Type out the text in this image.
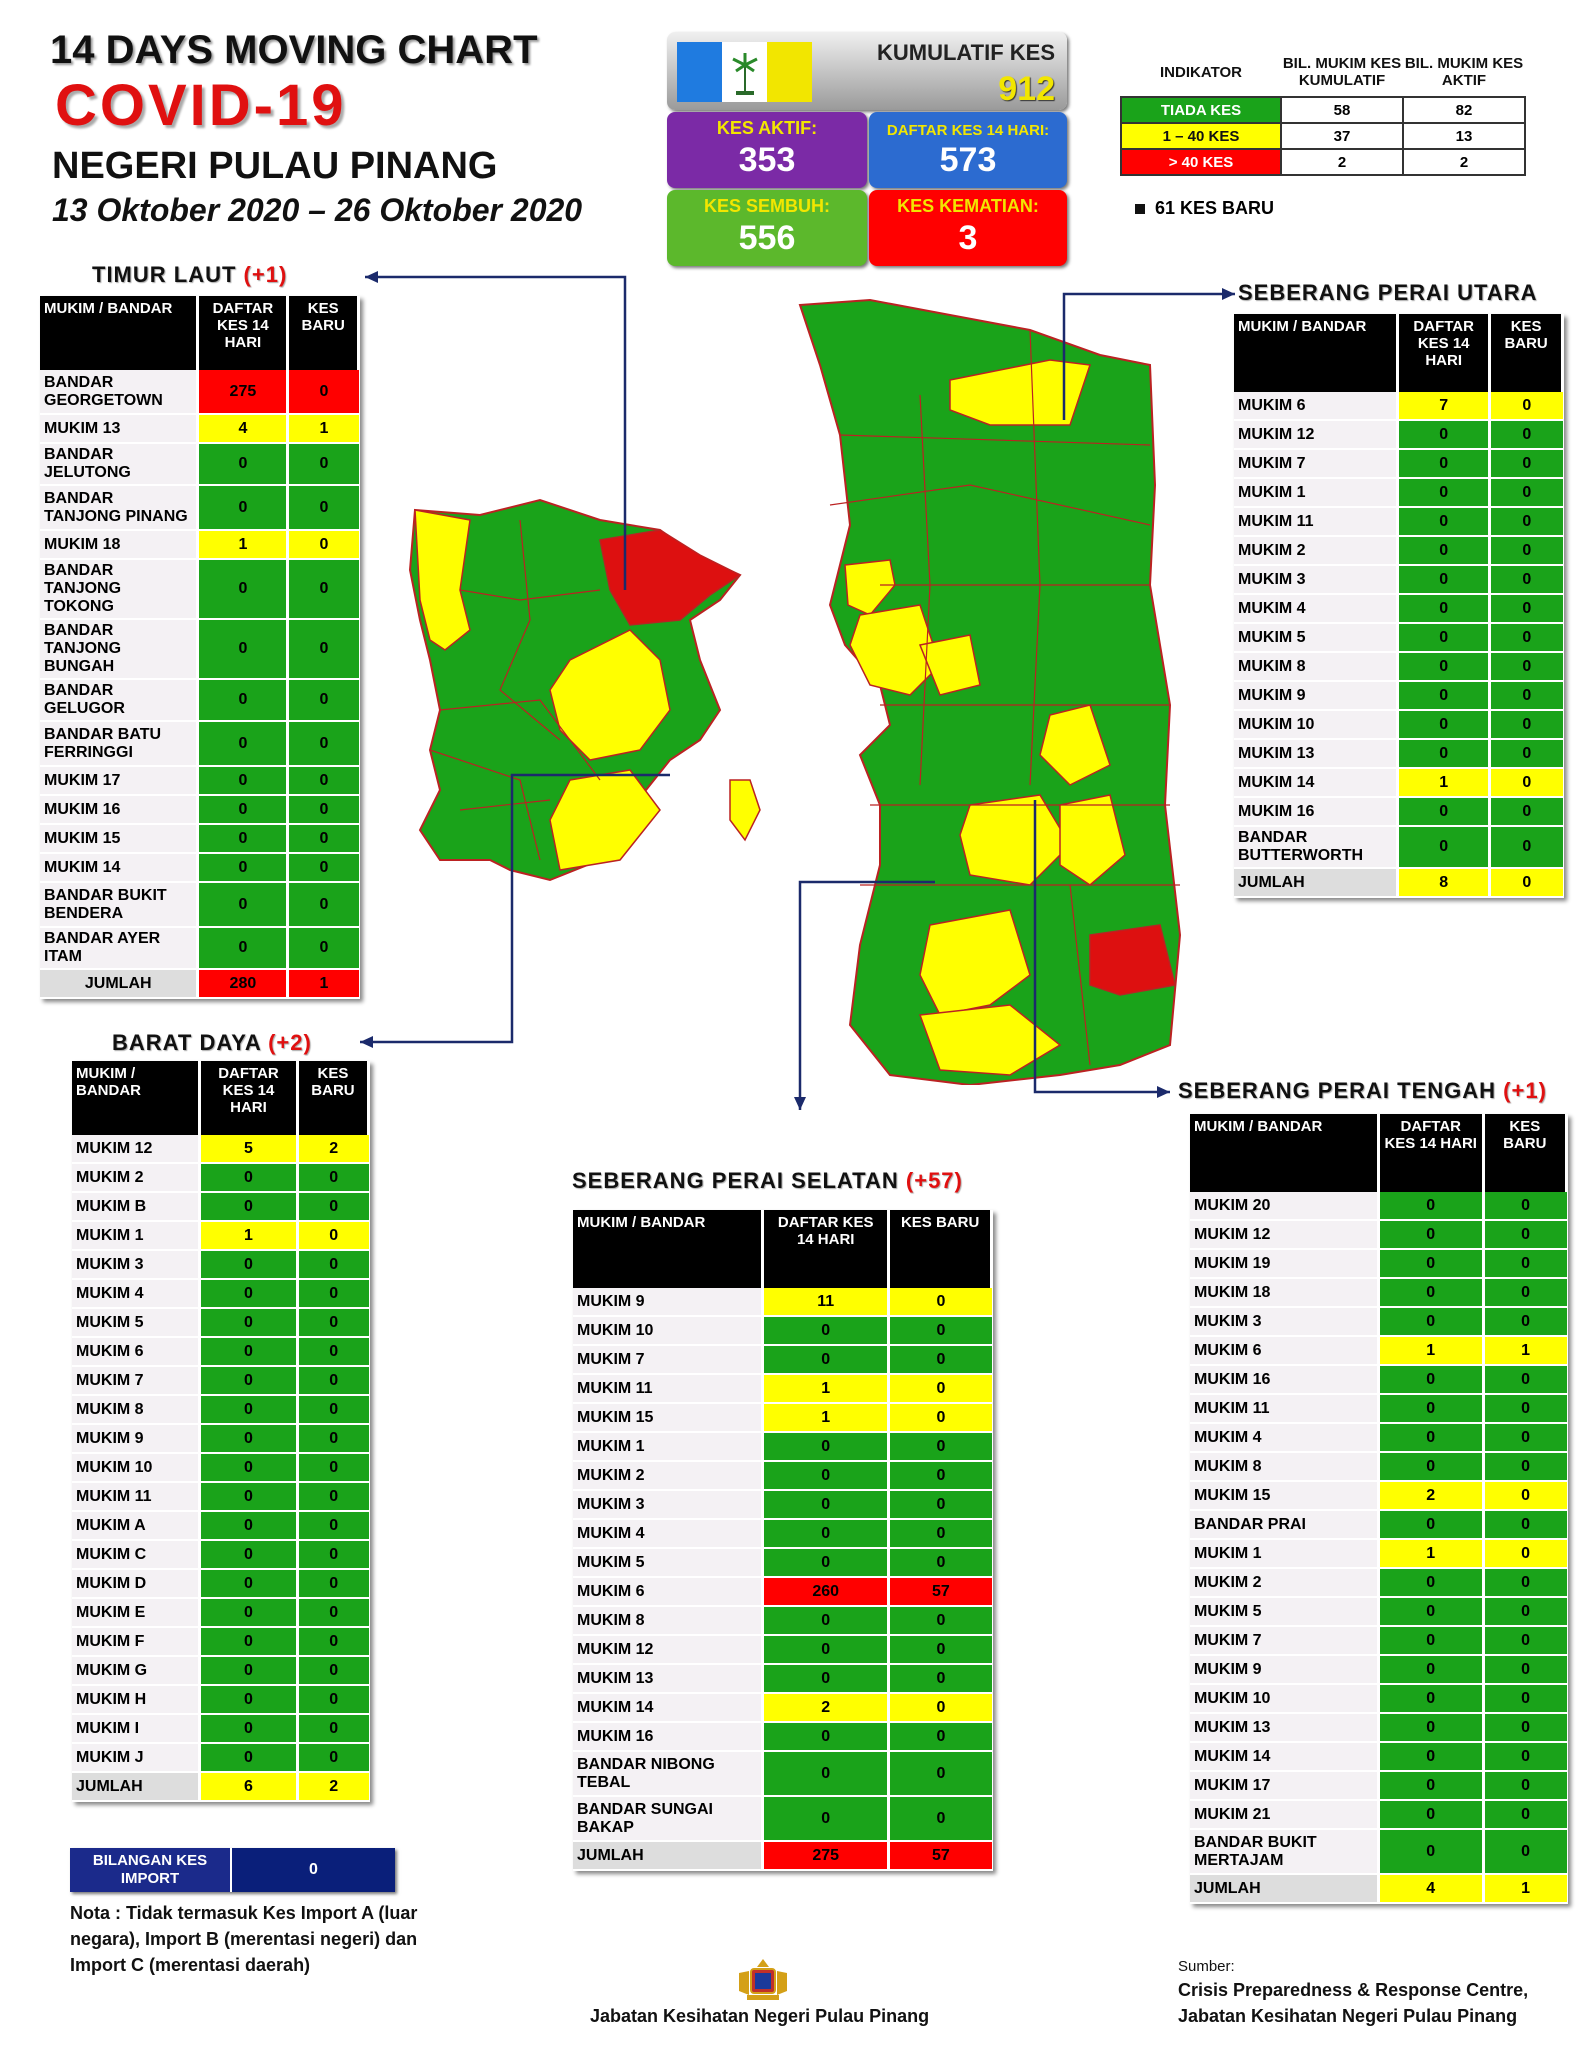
14 DAYS MOVING CHART
COVID-19
NEGERI PULAU PINANG
13 Oktober 2020 – 26 Oktober 2020
KUMULATIF KES
912
KES AKTIF:
353
DAFTAR KES 14 HARI:
573
KES SEMBUH:
556
KES KEMATIAN:
3
INDIKATOR	BIL. MUKIM KES KUMULATIF	BIL. MUKIM KES AKTIF
TIADA KES	58	82
1 – 40 KES	37	13
> 40 KES	2	2
61 KES BARU
TIMUR LAUT (+1)
BARAT DAYA (+2)
SEBERANG PERAI UTARA
SEBERANG PERAI TENGAH (+1)
SEBERANG PERAI SELATAN (+57)
MUKIM / BANDAR	DAFTAR KES 14 HARI	KES BARU
BANDAR GEORGETOWN	275	0
MUKIM 13	4	1
BANDAR JELUTONG	0	0
BANDAR TANJONG PINANG	0	0
MUKIM 18	1	0
BANDAR TANJONG TOKONG	0	0
BANDAR TANJONG BUNGAH	0	0
BANDAR GELUGOR	0	0
BANDAR BATU FERRINGGI	0	0
MUKIM 17	0	0
MUKIM 16	0	0
MUKIM 15	0	0
MUKIM 14	0	0
BANDAR BUKIT BENDERA	0	0
BANDAR AYER ITAM	0	0
JUMLAH	280	1
MUKIM / BANDAR	DAFTAR KES 14 HARI	KES BARU
MUKIM 12	5	2
MUKIM 2	0	0
MUKIM B	0	0
MUKIM 1	1	0
MUKIM 3	0	0
MUKIM 4	0	0
MUKIM 5	0	0
MUKIM 6	0	0
MUKIM 7	0	0
MUKIM 8	0	0
MUKIM 9	0	0
MUKIM 10	0	0
MUKIM 11	0	0
MUKIM A	0	0
MUKIM C	0	0
MUKIM D	0	0
MUKIM E	0	0
MUKIM F	0	0
MUKIM G	0	0
MUKIM H	0	0
MUKIM I	0	0
MUKIM J	0	0
JUMLAH	6	2
MUKIM / BANDAR	DAFTAR KES 14 HARI	KES BARU
MUKIM 6	7	0
MUKIM 12	0	0
MUKIM 7	0	0
MUKIM 1	0	0
MUKIM 11	0	0
MUKIM 2	0	0
MUKIM 3	0	0
MUKIM 4	0	0
MUKIM 5	0	0
MUKIM 8	0	0
MUKIM 9	0	0
MUKIM 10	0	0
MUKIM 13	0	0
MUKIM 14	1	0
MUKIM 16	0	0
BANDAR BUTTERWORTH	0	0
JUMLAH	8	0
MUKIM / BANDAR	DAFTAR KES 14 HARI	KES BARU
MUKIM 9	11	0
MUKIM 10	0	0
MUKIM 7	0	0
MUKIM 11	1	0
MUKIM 15	1	0
MUKIM 1	0	0
MUKIM 2	0	0
MUKIM 3	0	0
MUKIM 4	0	0
MUKIM 5	0	0
MUKIM 6	260	57
MUKIM 8	0	0
MUKIM 12	0	0
MUKIM 13	0	0
MUKIM 14	2	0
MUKIM 16	0	0
BANDAR NIBONG TEBAL	0	0
BANDAR SUNGAI BAKAP	0	0
JUMLAH	275	57
MUKIM / BANDAR	DAFTAR KES 14 HARI	KES BARU
MUKIM 20	0	0
MUKIM 12	0	0
MUKIM 19	0	0
MUKIM 18	0	0
MUKIM 3	0	0
MUKIM 6	1	1
MUKIM 16	0	0
MUKIM 11	0	0
MUKIM 4	0	0
MUKIM 8	0	0
MUKIM 15	2	0
BANDAR PRAI	0	0
MUKIM 1	1	0
MUKIM 2	0	0
MUKIM 5	0	0
MUKIM 7	0	0
MUKIM 9	0	0
MUKIM 10	0	0
MUKIM 13	0	0
MUKIM 14	0	0
MUKIM 17	0	0
MUKIM 21	0	0
BANDAR BUKIT MERTAJAM	0	0
JUMLAH	4	1
BILANGAN KES IMPORT
0
Nota : Tidak termasuk Kes Import A (luar negara), Import B (merentasi negeri) dan Import C (merentasi daerah)
Jabatan Kesihatan Negeri Pulau Pinang
Sumber:
Crisis Preparedness & Response Centre,
Jabatan Kesihatan Negeri Pulau Pinang
